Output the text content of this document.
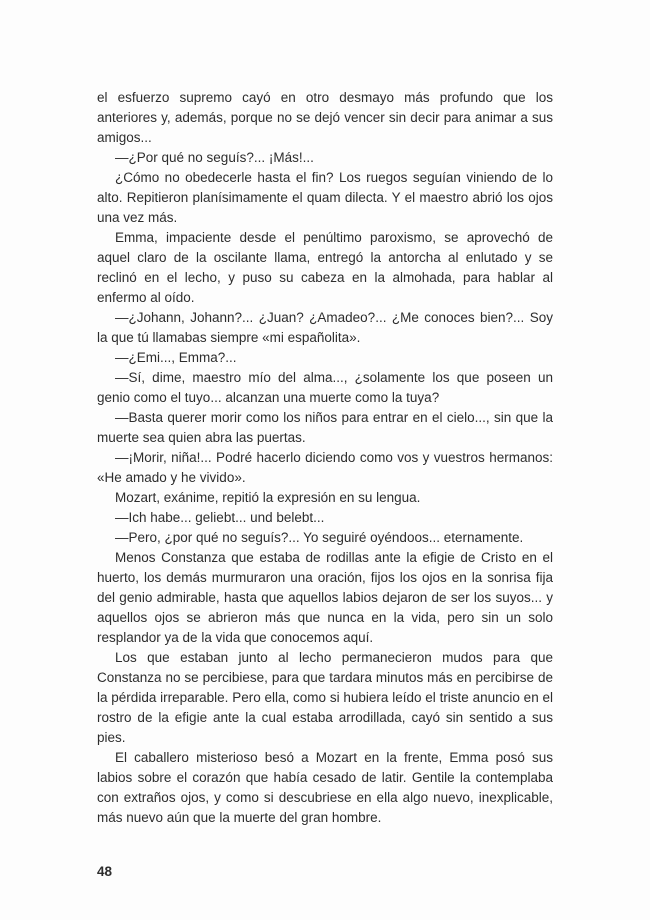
el esfuerzo supremo cayó en otro desmayo más profundo que los anteriores y, además, porque no se dejó vencer sin decir para animar a sus amigos...

—¿Por qué no seguís?... ¡Más!...

¿Cómo no obedecerle hasta el fin? Los ruegos seguían viniendo de lo alto. Repitieron planísimamente el quam dilecta. Y el maestro abrió los ojos una vez más.

Emma, impaciente desde el penúltimo paroxismo, se aprovechó de aquel claro de la oscilante llama, entregó la antorcha al enlutado y se reclinó en el lecho, y puso su cabeza en la almohada, para hablar al enfermo al oído.

—¿Johann, Johann?... ¿Juan? ¿Amadeo?... ¿Me conoces bien?... Soy la que tú llamabas siempre «mi españolita».

—¿Emi..., Emma?...

—Sí, dime, maestro mío del alma..., ¿solamente los que poseen un genio como el tuyo... alcanzan una muerte como la tuya?

—Basta querer morir como los niños para entrar en el cielo..., sin que la muerte sea quien abra las puertas.

—¡Morir, niña!... Podré hacerlo diciendo como vos y vuestros hermanos: «He amado y he vivido».

Mozart, exánime, repitió la expresión en su lengua.

—Ich habe... geliebt... und belebt...

—Pero, ¿por qué no seguís?... Yo seguiré oyéndoos... eternamente.

Menos Constanza que estaba de rodillas ante la efigie de Cristo en el huerto, los demás murmuraron una oración, fijos los ojos en la sonrisa fija del genio admirable, hasta que aquellos labios dejaron de ser los suyos... y aquellos ojos se abrieron más que nunca en la vida, pero sin un solo resplandor ya de la vida que conocemos aquí.

Los que estaban junto al lecho permanecieron mudos para que Constanza no se percibiese, para que tardara minutos más en percibirse de la pérdida irreparable. Pero ella, como si hubiera leído el triste anuncio en el rostro de la efigie ante la cual estaba arrodillada, cayó sin sentido a sus pies.

El caballero misterioso besó a Mozart en la frente, Emma posó sus labios sobre el corazón que había cesado de latir. Gentile la contemplaba con extraños ojos, y como si descubriese en ella algo nuevo, inexplicable, más nuevo aún que la muerte del gran hombre.

48
